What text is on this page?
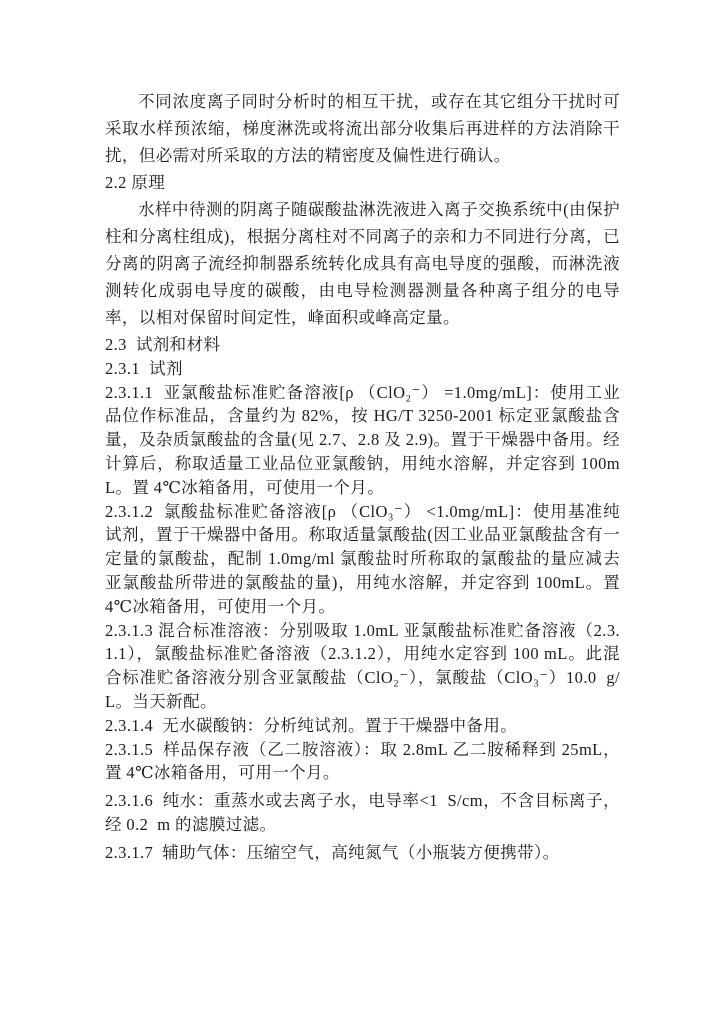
不同浓度离子同时分析时的相互干扰，或存在其它组分干扰时可采取水样预浓缩，梯度淋洗或将流出部分收集后再进样的方法消除干扰，但必需对所采取的方法的精密度及偏性进行确认。

2.2 原理

水样中待测的阴离子随碳酸盐淋洗液进入离子交换系统中(由保护柱和分离柱组成)，根据分离柱对不同离子的亲和力不同进行分离，已分离的阴离子流经抑制器系统转化成具有高电导度的强酸，而淋洗液测转化成弱电导度的碳酸，由电导检测器测量各种离子组分的电导率，以相对保留时间定性，峰面积或峰高定量。

2.3  试剂和材料

2.3.1  试剂

2.3.1.1  亚氯酸盐标准贮备溶液[ρ （ClO₂⁻） =1.0mg/mL]：使用工业品位作标准品，含量约为 82%，按 HG/T 3250-2001 标定亚氯酸盐含量，及杂质氯酸盐的含量(见 2.7、2.8 及 2.9)。置于干燥器中备用。经计算后，称取适量工业品位亚氯酸钠，用纯水溶解，并定容到 100mL。置 4℃冰箱备用，可使用一个月。

2.3.1.2  氯酸盐标准贮备溶液[ρ （ClO₃⁻） <1.0mg/mL]：使用基准纯试剂，置于干燥器中备用。称取适量氯酸盐(因工业品亚氯酸盐含有一定量的氯酸盐，配制 1.0mg/ml 氯酸盐时所称取的氯酸盐的量应减去亚氯酸盐所带进的氯酸盐的量)，用纯水溶解，并定容到 100mL。置 4℃冰箱备用，可使用一个月。

2.3.1.3 混合标准溶液：分别吸取 1.0mL 亚氯酸盐标准贮备溶液（2.3.1.1），氯酸盐标准贮备溶液（2.3.1.2），用纯水定容到 100 mL。此混合标准贮备溶液分别含亚氯酸盐（ClO₂⁻），氯酸盐（ClO₃⁻）10.0  g/L。当天新配。

2.3.1.4  无水碳酸钠：分析纯试剂。置于干燥器中备用。

2.3.1.5  样品保存液（乙二胺溶液）：取 2.8mL 乙二胺稀释到 25mL，置 4℃冰箱备用，可用一个月。

2.3.1.6  纯水：重蒸水或去离子水，电导率<1  S/cm，不含目标离子，经 0.2  m 的滤膜过滤。

2.3.1.7  辅助气体：压缩空气，高纯氮气（小瓶装方便携带）。
